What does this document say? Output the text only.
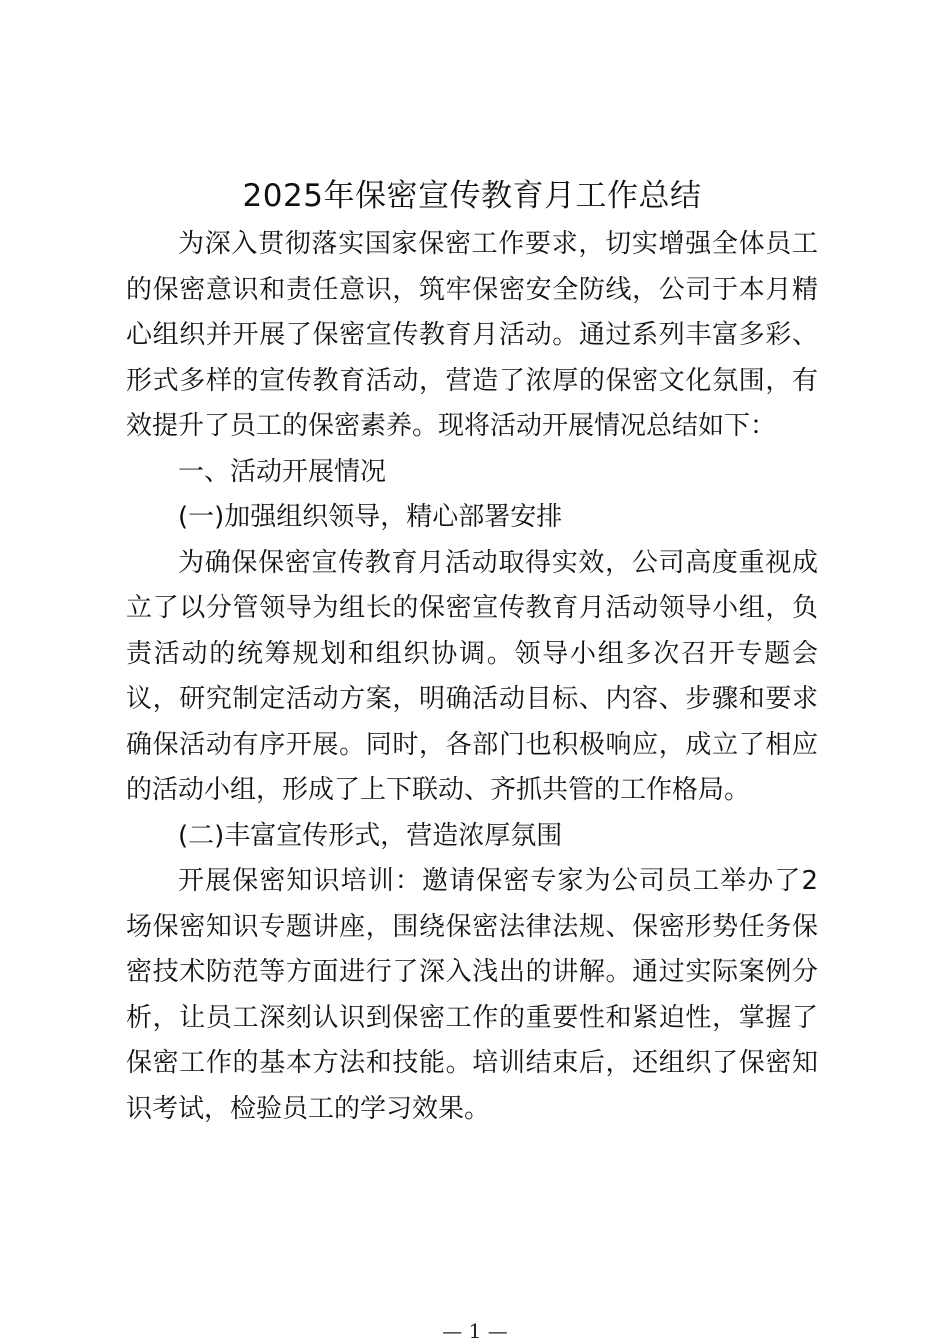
2025年保密宣传教育月工作总结

为深入贯彻落实国家保密工作要求，切实增强全体员工的保密意识和责任意识，筑牢保密安全防线，公司于本月精心组织并开展了保密宣传教育月活动。通过系列丰富多彩、形式多样的宣传教育活动，营造了浓厚的保密文化氛围，有效提升了员工的保密素养。现将活动开展情况总结如下：

一、活动开展情况

(一)加强组织领导，精心部署安排

为确保保密宣传教育月活动取得实效，公司高度重视成立了以分管领导为组长的保密宣传教育月活动领导小组，负责活动的统筹规划和组织协调。领导小组多次召开专题会议，研究制定活动方案，明确活动目标、内容、步骤和要求确保活动有序开展。同时，各部门也积极响应，成立了相应的活动小组，形成了上下联动、齐抓共管的工作格局。

(二)丰富宣传形式，营造浓厚氛围

开展保密知识培训：邀请保密专家为公司员工举办了2场保密知识专题讲座，围绕保密法律法规、保密形势任务保密技术防范等方面进行了深入浅出的讲解。通过实际案例分析，让员工深刻认识到保密工作的重要性和紧迫性，掌握了保密工作的基本方法和技能。培训结束后，还组织了保密知识考试，检验员工的学习效果。

— 1 —
